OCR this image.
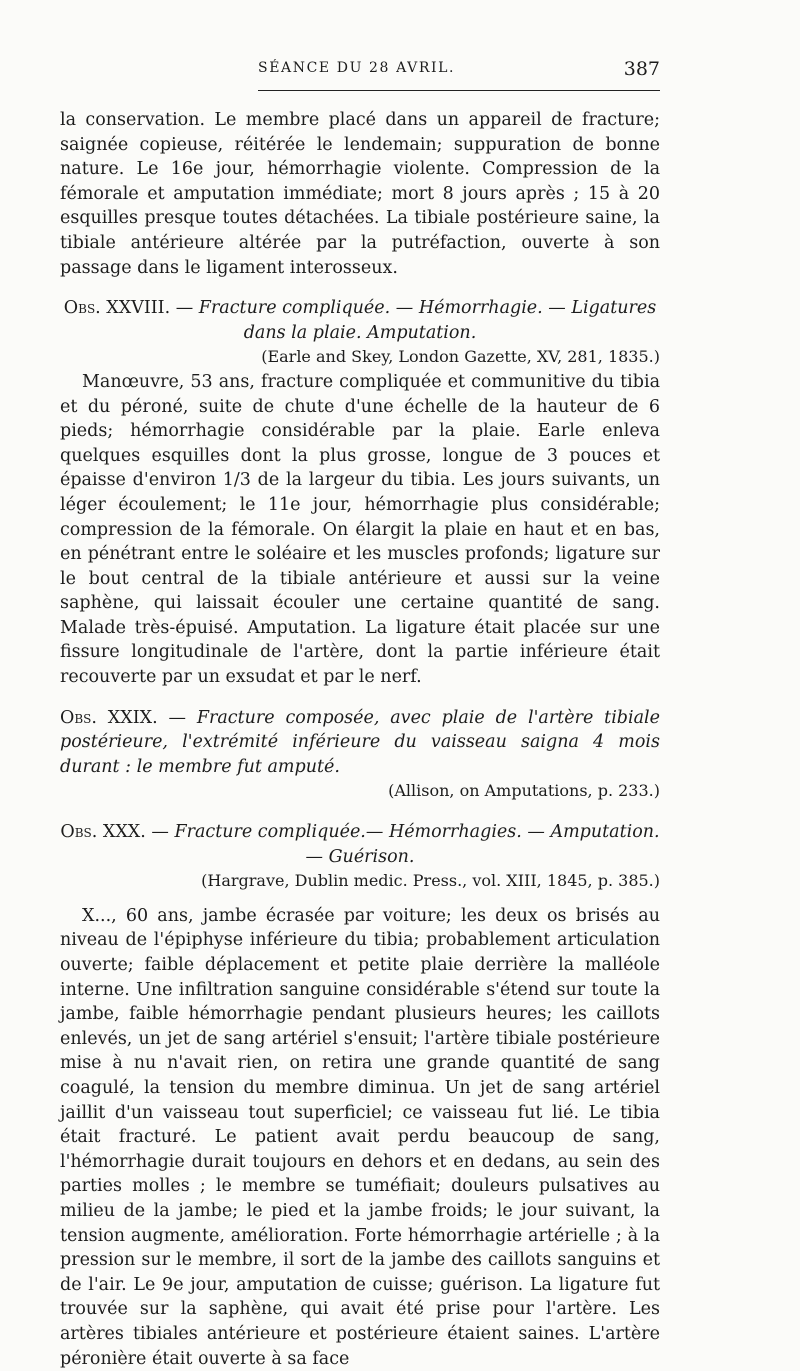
SÉANCE DU 28 AVRIL.	387

la conservation. Le membre placé dans un appareil de fracture; saignée copieuse, réitérée le lendemain; suppuration de bonne nature. Le 16e jour, hémorrhagie violente. Compression de la fémorale et amputation immédiate; mort 8 jours après ; 15 à 20 esquilles presque toutes détachées. La tibiale postérieure saine, la tibiale antérieure altérée par la putréfaction, ouverte à son passage dans le ligament interosseux.

Obs. XXVIII. — Fracture compliquée. — Hémorrhagie. — Ligatures dans la plaie. Amputation.

(Earle and Skey, London Gazette, XV, 281, 1835.)

Manœuvre, 53 ans, fracture compliquée et communitive du tibia et du péroné, suite de chute d'une échelle de la hauteur de 6 pieds; hémorrhagie considérable par la plaie. Earle enleva quelques esquilles dont la plus grosse, longue de 3 pouces et épaisse d'environ 1/3 de la largeur du tibia. Les jours suivants, un léger écoulement; le 11e jour, hémorrhagie plus considérable; compression de la fémorale. On élargit la plaie en haut et en bas, en pénétrant entre le soléaire et les muscles profonds; ligature sur le bout central de la tibiale antérieure et aussi sur la veine saphène, qui laissait écouler une certaine quantité de sang. Malade très-épuisé. Amputation. La ligature était placée sur une fissure longitudinale de l'artère, dont la partie inférieure était recouverte par un exsudat et par le nerf.

Obs. XXIX. — Fracture composée, avec plaie de l'artère tibiale postérieure, l'extrémité inférieure du vaisseau saigna 4 mois durant : le membre fut amputé.

(Allison, on Amputations, p. 233.)

Obs. XXX. — Fracture compliquée.— Hémorrhagies. — Amputation.— Guérison.

(Hargrave, Dublin medic. Press., vol. XIII, 1845, p. 385.)

X..., 60 ans, jambe écrasée par voiture; les deux os brisés au niveau de l'épiphyse inférieure du tibia; probablement articulation ouverte; faible déplacement et petite plaie derrière la malléole interne. Une infiltration sanguine considérable s'étend sur toute la jambe, faible hémorrhagie pendant plusieurs heures; les caillots enlevés, un jet de sang artériel s'ensuit; l'artère tibiale postérieure mise à nu n'avait rien, on retira une grande quantité de sang coagulé, la tension du membre diminua. Un jet de sang artériel jaillit d'un vaisseau tout superficiel; ce vaisseau fut lié. Le tibia était fracturé. Le patient avait perdu beaucoup de sang, l'hémorrhagie durait toujours en dehors et en dedans, au sein des parties molles ; le membre se tuméfiait; douleurs pulsatives au milieu de la jambe; le pied et la jambe froids; le jour suivant, la tension augmente, amélioration. Forte hémorrhagie artérielle ; à la pression sur le membre, il sort de la jambe des caillots sanguins et de l'air. Le 9e jour, amputation de cuisse; guérison. La ligature fut trouvée sur la saphène, qui avait été prise pour l'artère. Les artères tibiales antérieure et postérieure étaient saines. L'artère péronière était ouverte à sa face
